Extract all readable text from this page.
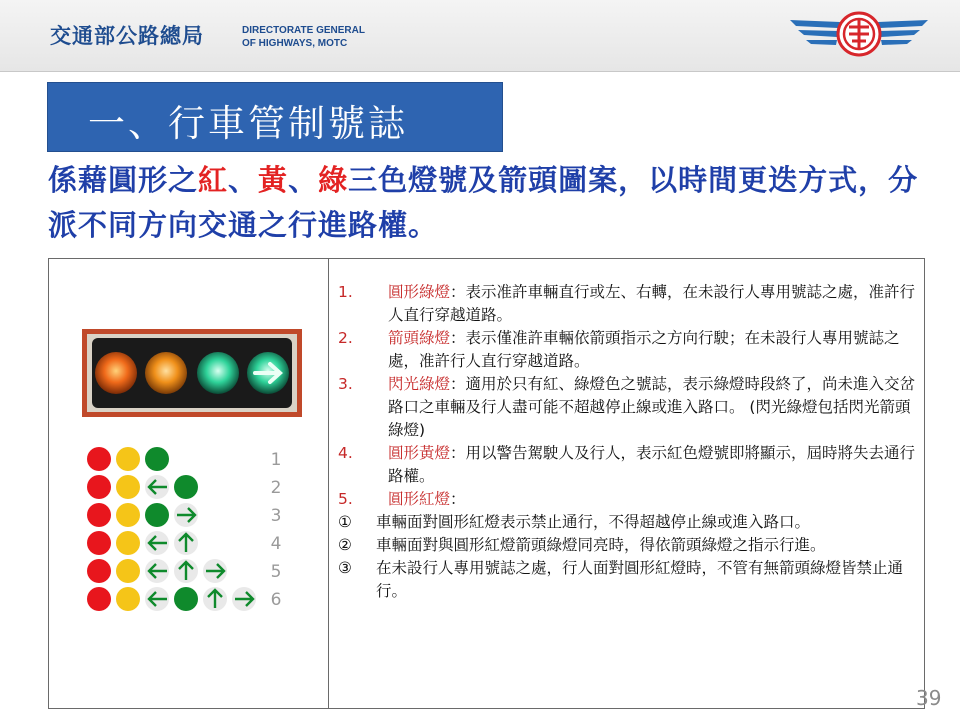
交通部公路總局	DIRECTORATE GENERAL
OF HIGHWAYS, MOTC
一、行車管制號誌
係藉圓形之紅、黃、綠三色燈號及箭頭圖案，以時間更迭方式，分派不同方向交通之行進路權。
1
2
3
4
5
6
1. 圓形綠燈：表示准許車輛直行或左、右轉，在未設行人專用號誌之處，准許行人直行穿越道路。
2. 箭頭綠燈：表示僅准許車輛依箭頭指示之方向行駛；在未設行人專用號誌之處，准許行人直行穿越道路。
3. 閃光綠燈：適用於只有紅、綠燈色之號誌，表示綠燈時段終了，尚未進入交岔路口之車輛及行人盡可能不超越停止線或進入路口。 (閃光綠燈包括閃光箭頭綠燈)
4. 圓形黃燈：用以警告駕駛人及行人，表示紅色燈號即將顯示，屆時將失去通行路權。
5. 圓形紅燈：
① 車輛面對圓形紅燈表示禁止通行，不得超越停止線或進入路口。
② 車輛面對與圓形紅燈箭頭綠燈同亮時，得依箭頭綠燈之指示行進。
③ 在未設行人專用號誌之處，行人面對圓形紅燈時，不管有無箭頭綠燈皆禁止通行。
39
